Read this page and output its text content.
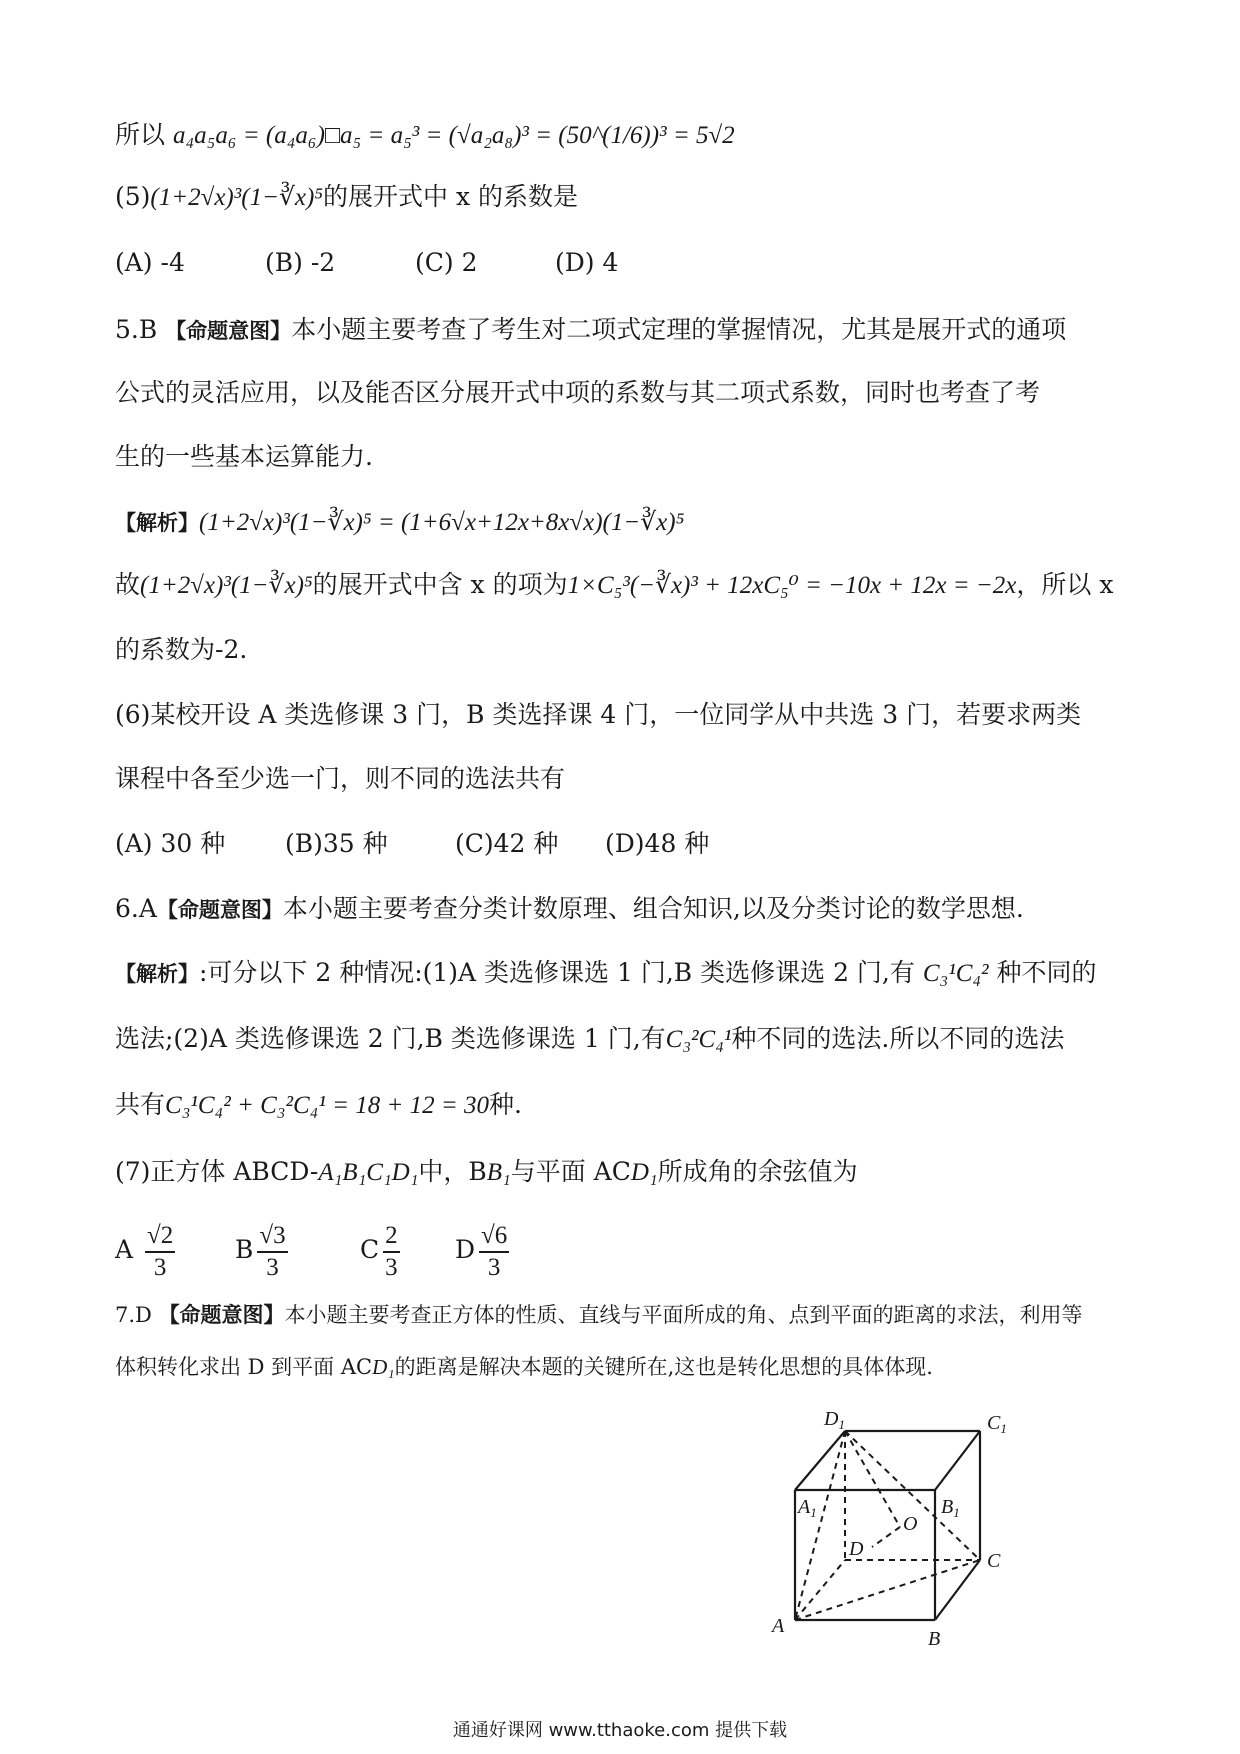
所以 a₄a₅a₆ = (a₄a₆)□a₅ = a₅³ = (√a₂a₈)³ = (50^(1/6))³ = 5√2
(5)(1+2√x)³(1−∛x)⁵的展开式中 x 的系数是
(A) -4	(B) -2	(C) 2	(D) 4
5.B 【命题意图】本小题主要考查了考生对二项式定理的掌握情况，尤其是展开式的通项
公式的灵活应用，以及能否区分展开式中项的系数与其二项式系数，同时也考查了考
生的一些基本运算能力.
【解析】(1+2√x)³(1−∛x)⁵ = (1+6√x+12x+8x√x)(1−∛x)⁵
故(1+2√x)³(1−∛x)⁵的展开式中含 x 的项为1×C₅³(−∛x)³ + 12xC₅⁰ = −10x + 12x = −2x，所以 x
的系数为-2.
(6)某校开设 A 类选修课 3 门，B 类选择课 4 门，一位同学从中共选 3 门，若要求两类
课程中各至少选一门，则不同的选法共有
(A) 30 种 (B)35 种	(C)42 种 (D)48 种
6.A【命题意图】本小题主要考查分类计数原理、组合知识,以及分类讨论的数学思想.
【解析】:可分以下 2 种情况:(1)A 类选修课选 1 门,B 类选修课选 2 门,有 C₃¹C₄² 种不同的
选法;(2)A 类选修课选 2 门,B 类选修课选 1 门,有C₃²C₄¹种不同的选法.所以不同的选法
共有C₃¹C₄² + C₃²C₄¹ = 18 + 12 = 30种.
(7)正方体 ABCD-A₁B₁C₁D₁中，BB₁与平面 ACD₁所成角的余弦值为
A $\frac{√2}{3}$ B $\frac{√3}{3}$	C $\frac{2}{3}$ D $\frac{√6}{3}$
7.D 【命题意图】本小题主要考查正方体的性质、直线与平面所成的角、点到平面的距离的求法，利用等
体积转化求出 D 到平面 ACD₁的距离是解决本题的关键所在,这也是转化思想的具体体现.
$D_1$	$C_1$
$A_1$	$B_1$
O
D
C
A
B
通通好课网 www.tthaoke.com 提供下载
